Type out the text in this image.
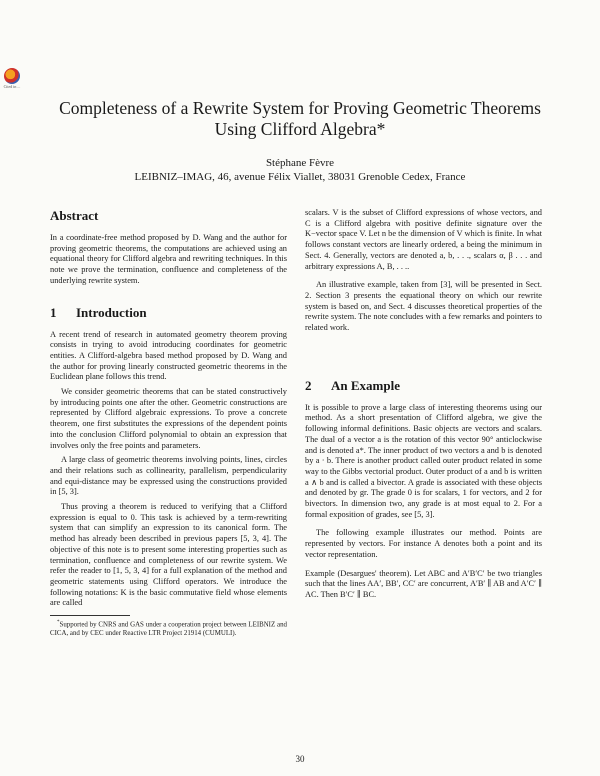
Cited in ...
Completeness of a Rewrite System for Proving Geometric Theorems
Using Clifford Algebra*
Stéphane Fèvre
LEIBNIZ–IMAG, 46, avenue Félix Viallet, 38031 Grenoble Cedex, France
Abstract

In a coordinate-free method proposed by D. Wang and the author for proving geometric theorems, the computations are achieved using an equational theory for Clifford algebra and rewriting techniques. In this note we prove the termination, confluence and completeness of the underlying rewrite system.

1 Introduction

A recent trend of research in automated geometry theorem proving consists in trying to avoid introducing coordinates for geometric entities. A Clifford-algebra based method proposed by D. Wang and the author for proving linearly constructed geometric theorems in the Euclidean plane follows this trend.

We consider geometric theorems that can be stated constructively by introducing points one after the other. Geometric constructions are represented by Clifford algebraic expressions. To prove a concrete theorem, one first substitutes the expressions of the dependent points into the conclusion Clifford polynomial to obtain an expression that involves only the free points and parameters.

A large class of geometric theorems involving points, lines, circles and their relations such as collinearity, parallelism, perpendicularity and equi-distance may be expressed using the constructions provided in [5, 3].

Thus proving a theorem is reduced to verifying that a Clifford expression is equal to 0. This task is achieved by a term-rewriting system that can simplify an expression to its canonical form. The method has already been described in previous papers [5, 3, 4]. The objective of this note is to present some interesting properties such as termination, confluence and completeness of our rewrite system. We refer the reader to [1, 5, 3, 4] for a full explanation of the method and geometric statements using Clifford operators. We introduce the following notations: K is the basic commutative field whose elements are called

*Supported by CNRS and GAS under a cooperation project between LEIBNIZ and CICA, and by CEC under Reactive LTR Project 21914 (CUMULI).

scalars. V is the subset of Clifford expressions of whose vectors, and C is a Clifford algebra with positive definite signature over the K−vector space V. Let n be the dimension of V which is finite. In what follows constant vectors are linearly ordered, a being the minimum in Sect. 4. Generally, vectors are denoted a, b, . . ., scalars α, β . . . and arbitrary expressions A, B, . . ..

An illustrative example, taken from [3], will be presented in Sect. 2. Section 3 presents the equational theory on which our rewrite system is based on, and Sect. 4 discusses theoretical properties of the rewrite system. The note concludes with a few remarks and pointers to related work.

2 An Example

It is possible to prove a large class of interesting theorems using our method. As a short presentation of Clifford algebra, we give the following informal definitions. Basic objects are vectors and scalars. The dual of a vector a is the rotation of this vector 90° anticlockwise and is denoted a*. The inner product of two vectors a and b is denoted by a · b. There is another product called outer product related in some way to the Gibbs vectorial product. Outer product of a and b is written a ∧ b and is called a bivector. A grade is associated with these objects and denoted by gr. The grade 0 is for scalars, 1 for vectors, and 2 for bivectors. In dimension two, any grade is at most equal to 2. For a formal exposition of grades, see [5, 3].

The following example illustrates our method. Points are represented by vectors. For instance A denotes both a point and its vector representation.

Example (Desargues' theorem). Let ABC and A′B′C′ be two triangles such that the lines AA′, BB′, CC′ are concurrent, A′B′ ∥ AB and A′C′ ∥ AC. Then B′C′ ∥ BC.

30
